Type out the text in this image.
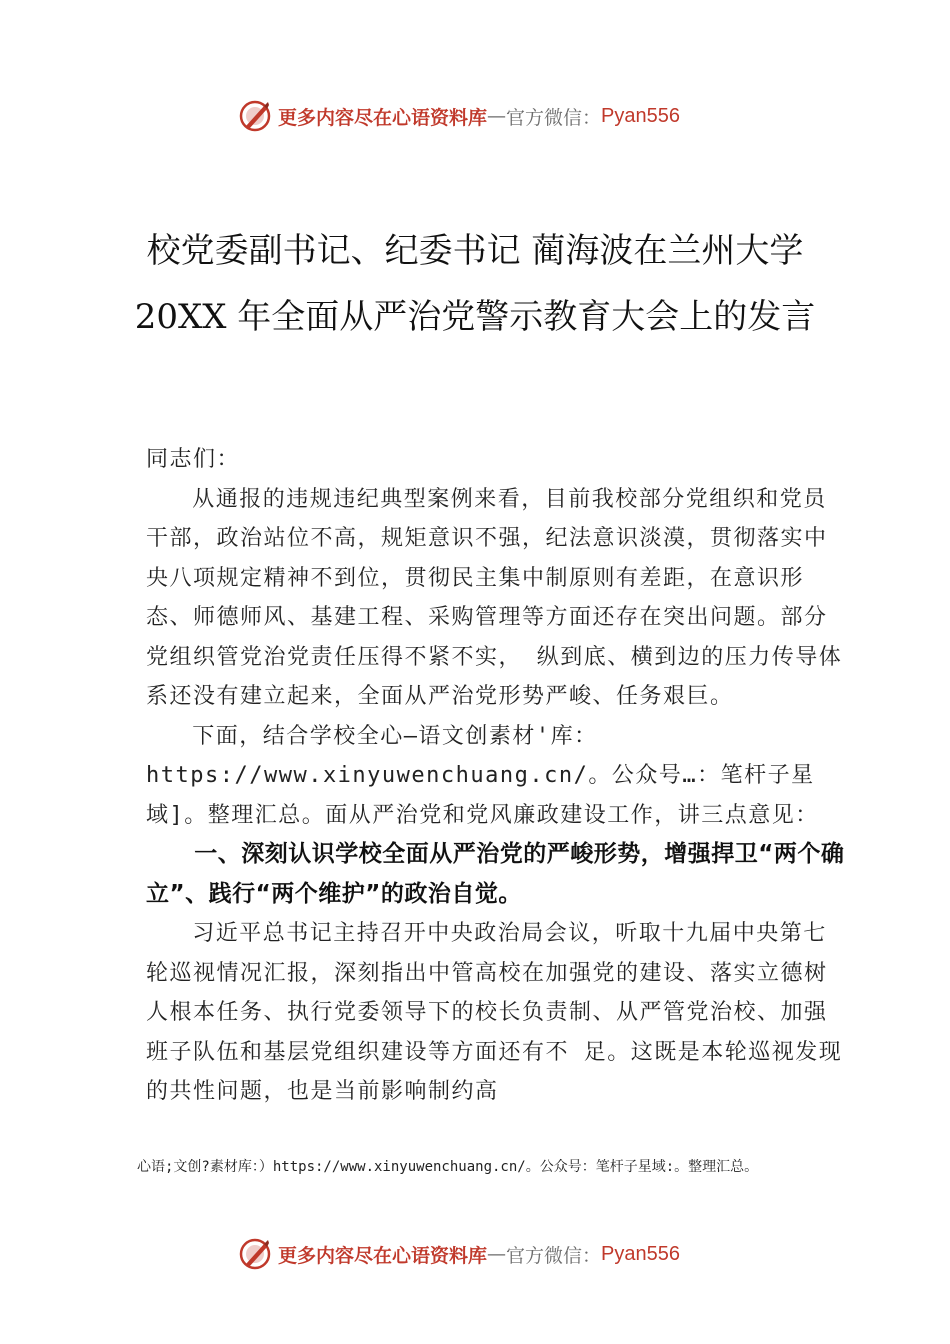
更多内容尽在心语资料库 — 官方微信： Pyan556
校党委副书记、纪委书记 蔺海波在兰州大学 20XX 年全面从严治党警示教育大会上的发言

同志们：

从通报的违规违纪典型案例来看，目前我校部分党组织和党员干部，政治站位不高，规矩意识不强，纪法意识淡漠，贯彻落实中央八项规定精神不到位，贯彻民主集中制原则有差距，在意识形态、师德师风、基建工程、采购管理等方面还存在突出问题。部分党组织管党治党责任压得不紧不实， 纵到底、横到边的压力传导体系还没有建立起来，全面从严治党形势严峻、任务艰巨。

下面，结合学校全心—语文创素材'库：https://www.xinyuwenchuang.cn/。公众号…：笔杆子星域]。整理汇总。面从严治党和党风廉政建设工作，讲三点意见：

一、深刻认识学校全面从严治党的严峻形势，增强捍卫“两个确立”、践行“两个维护”的政治自觉。

习近平总书记主持召开中央政治局会议，听取十九届中央第七轮巡视情况汇报，深刻指出中管高校在加强党的建设、落实立德树人根本任务、执行党委领导下的校长负责制、从严管党治校、加强班子队伍和基层党组织建设等方面还有不 足。这既是本轮巡视发现的共性问题，也是当前影响制约高

心语;文创?素材库：）https://www.xinyuwenchuang.cn/。公众号：笔杆子星域:。整理汇总。
更多内容尽在心语资料库 — 官方微信： Pyan556
